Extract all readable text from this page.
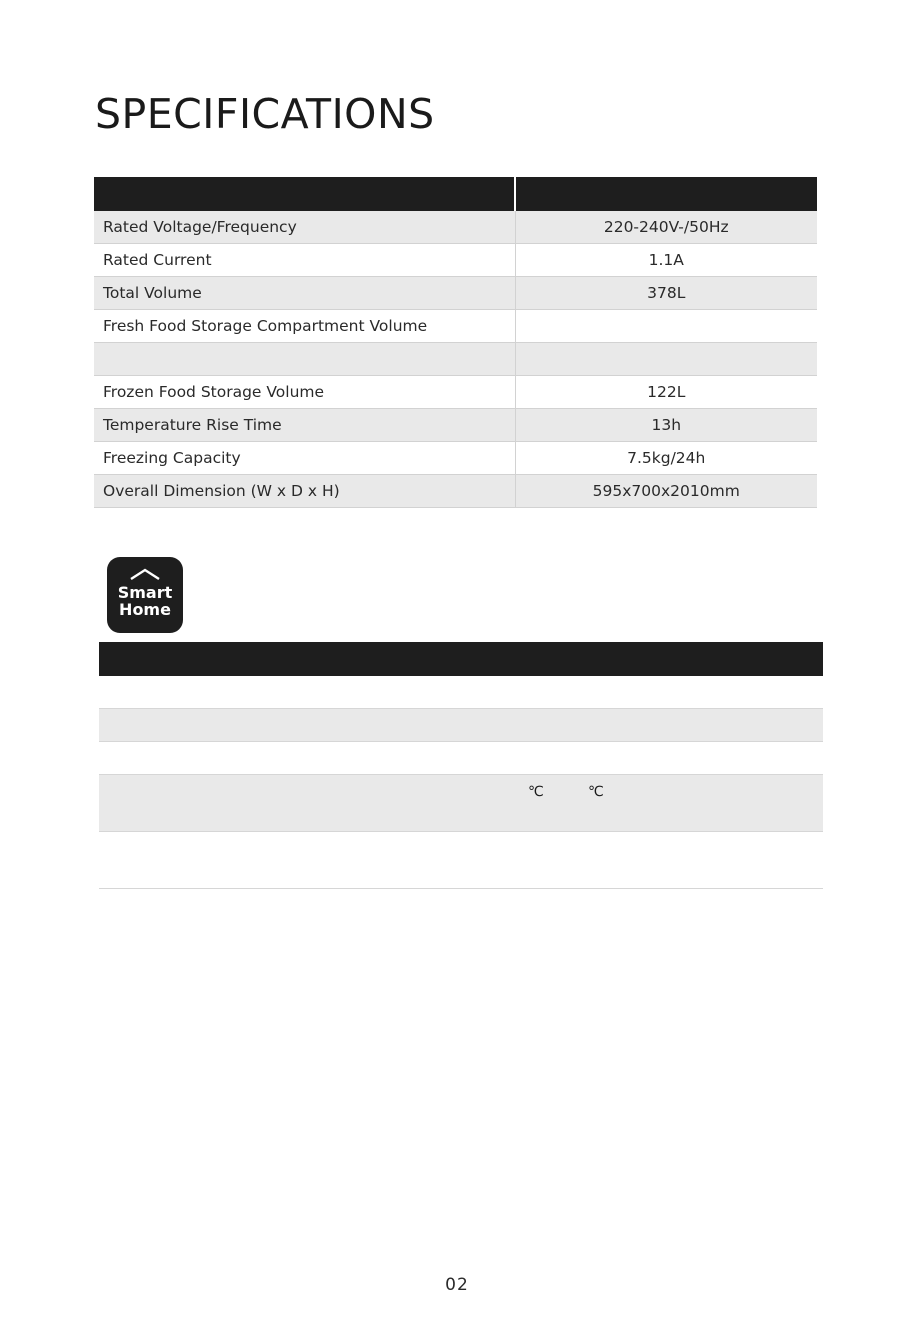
SPECIFICATIONS

Rated Voltage/Frequency	220-240V-/50Hz
Rated Current	1.1A
Total Volume	378L
Fresh Food Storage Compartment Volume	

Frozen Food Storage Volume	122L
Temperature Rise Time	13h
Freezing Capacity	7.5kg/24h
Overall Dimension (W x D x H)	595x700x2010mm
Smart
Home
℃	℃
02
